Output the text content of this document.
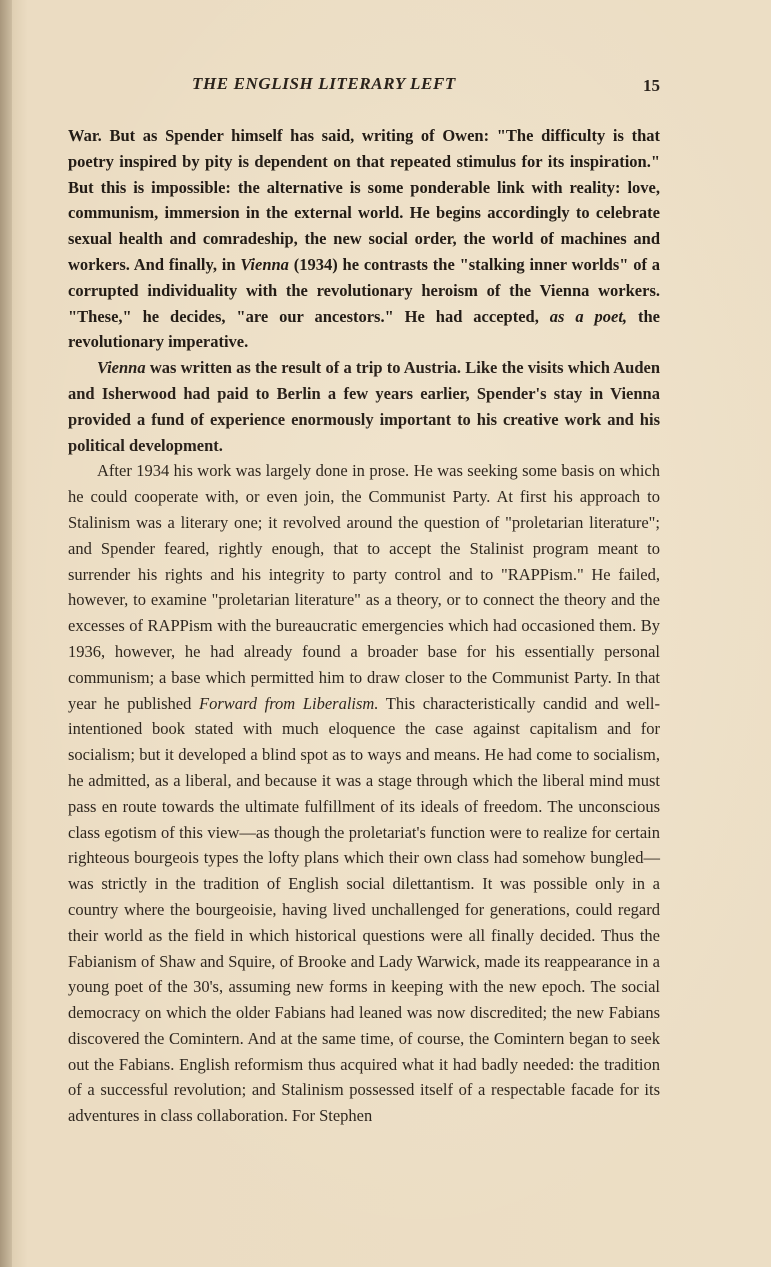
THE ENGLISH LITERARY LEFT	15

War. But as Spender himself has said, writing of Owen: "The difficulty is that poetry inspired by pity is dependent on that repeated stimulus for its inspiration." But this is impossible: the alternative is some ponderable link with reality: love, communism, immersion in the external world. He begins accordingly to celebrate sexual health and comradeship, the new social order, the world of machines and workers. And finally, in Vienna (1934) he contrasts the "stalking inner worlds" of a corrupted individuality with the revolutionary heroism of the Vienna workers. "These," he decides, "are our ancestors." He had accepted, as a poet, the revolutionary imperative.

Vienna was written as the result of a trip to Austria. Like the visits which Auden and Isherwood had paid to Berlin a few years earlier, Spender's stay in Vienna provided a fund of experience enormously important to his creative work and his political development.

After 1934 his work was largely done in prose. He was seeking some basis on which he could cooperate with, or even join, the Communist Party. At first his approach to Stalinism was a literary one; it revolved around the question of "proletarian literature"; and Spender feared, rightly enough, that to accept the Stalinist program meant to surrender his rights and his integrity to party control and to "RAPPism." He failed, however, to examine "proletarian literature" as a theory, or to connect the theory and the excesses of RAPPism with the bureaucratic emergencies which had occasioned them. By 1936, however, he had already found a broader base for his essentially personal communism; a base which permitted him to draw closer to the Communist Party. In that year he published Forward from Liberalism. This characteristically candid and well-intentioned book stated with much eloquence the case against capitalism and for socialism; but it developed a blind spot as to ways and means. He had come to socialism, he admitted, as a liberal, and because it was a stage through which the liberal mind must pass en route towards the ultimate fulfillment of its ideals of freedom. The unconscious class egotism of this view—as though the proletariat's function were to realize for certain righteous bourgeois types the lofty plans which their own class had somehow bungled—was strictly in the tradition of English social dilettantism. It was possible only in a country where the bourgeoisie, having lived unchallenged for generations, could regard their world as the field in which historical questions were all finally decided. Thus the Fabianism of Shaw and Squire, of Brooke and Lady Warwick, made its reappearance in a young poet of the 30's, assuming new forms in keeping with the new epoch. The social democracy on which the older Fabians had leaned was now discredited; the new Fabians discovered the Comintern. And at the same time, of course, the Comintern began to seek out the Fabians. English reformism thus acquired what it had badly needed: the tradition of a successful revolution; and Stalinism possessed itself of a respectable facade for its adventures in class collaboration. For Stephen
